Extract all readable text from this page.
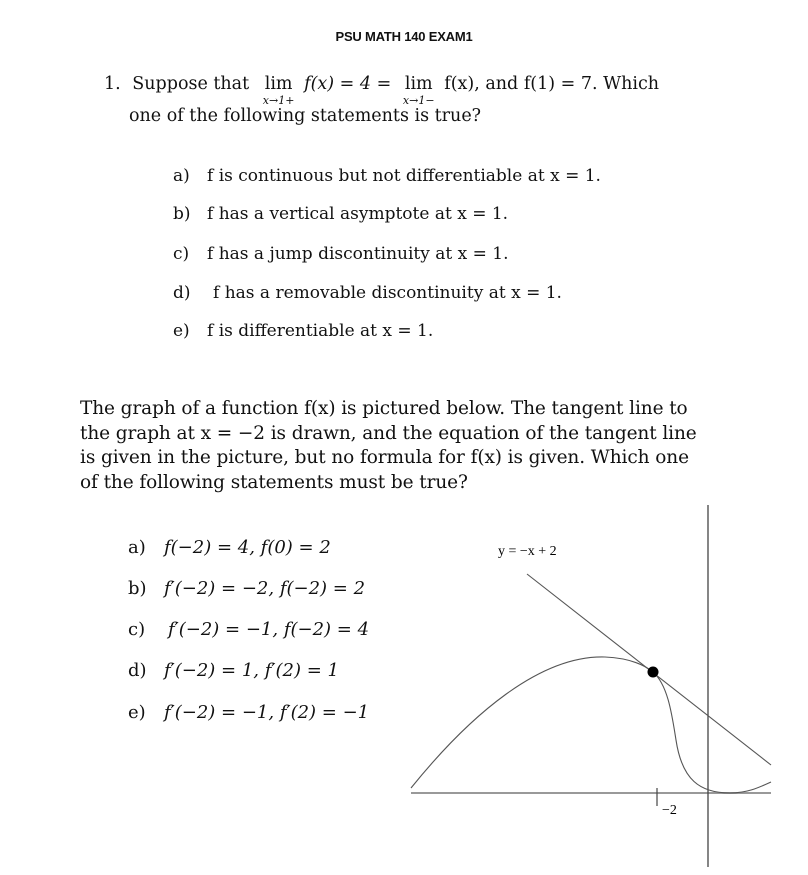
PSU MATH 140 EXAM1
1. Suppose that lim
x→1+
f(x) = 4 = lim
x→1−
f(x), and f(1) = 7. Which
one of the following statements is true?
a) f is continuous but not differentiable at x = 1.
b) f has a vertical asymptote at x = 1.
c) f has a jump discontinuity at x = 1.
d) f has a removable discontinuity at x = 1.
e) f is differentiable at x = 1.
The graph of a function f(x) is pictured below. The tangent line to
the graph at x = −2 is drawn, and the equation of the tangent line
is given in the picture, but no formula for f(x) is given. Which one
of the following statements must be true?
a) f(−2) = 4, f(0) = 2
b) f′(−2) = −2, f(−2) = 2
c) f′(−2) = −1, f(−2) = 4
d) f′(−2) = 1, f′(2) = 1
e) f′(−2) = −1, f′(2) = −1
−2
y = −x + 2
